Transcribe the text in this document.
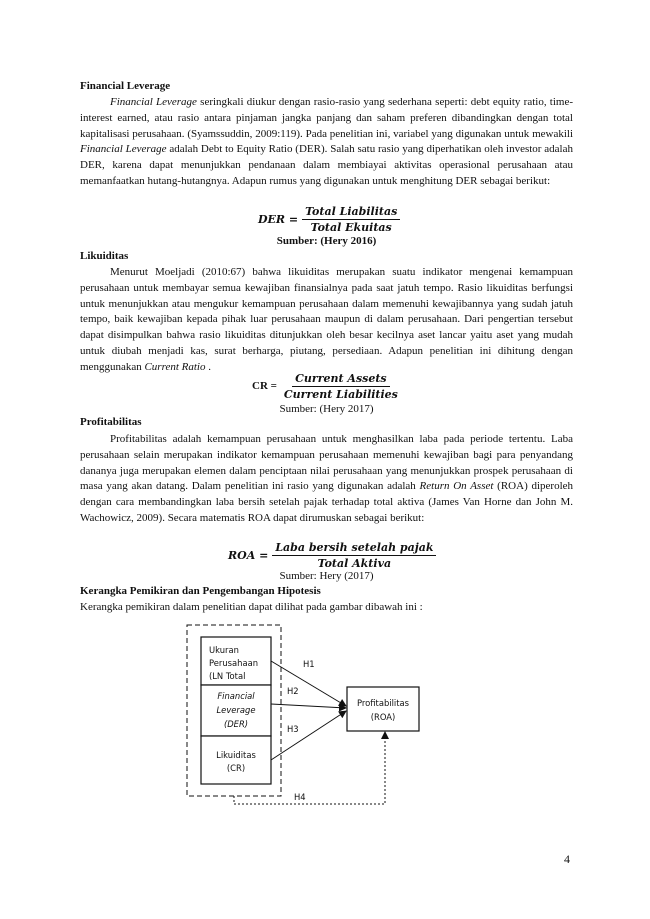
Financial Leverage
Financial Leverage seringkali diukur dengan rasio-rasio yang sederhana seperti: debt equity ratio, time-interest earned, atau rasio antara pinjaman jangka panjang dan saham preferen dibandingkan dengan total kapitalisasi perusahaan. (Syamssuddin, 2009:119). Pada penelitian ini, variabel yang digunakan untuk mewakili Financial Leverage adalah Debt to Equity Ratio (DER). Salah satu rasio yang diperhatikan oleh investor adalah DER, karena dapat menunjukkan pendanaan dalam membiayai aktivitas operasional perusahaan atau memanfaatkan hutang-hutangnya. Adapun rumus yang digunakan untuk menghitung DER sebagai berikut:
DER = $\frac{\text{Total Liabilitas}}{\text{Total Ekuitas}}$
Sumber: (Hery 2016)
Likuiditas
Menurut Moeljadi (2010:67) bahwa likuiditas merupakan suatu indikator mengenai kemampuan perusahaan untuk membayar semua kewajiban finansialnya pada saat jatuh tempo. Rasio likuiditas berfungsi untuk menunjukkan atau mengukur kemampuan perusahaan dalam memenuhi kewajibannya yang sudah jatuh tempo, baik kewajiban kepada pihak luar perusahaan maupun di dalam perusahaan. Dari pengertian tersebut dapat disimpulkan bahwa rasio likuiditas ditunjukkan oleh besar kecilnya aset lancar yaitu aset yang mudah untuk diubah menjadi kas, surat berharga, piutang, persediaan. Adapun penelitian ini dihitung dengan menggunakan Current Ratio .
CR = $\frac{\text{Current Assets}}{\text{Current Liabilities}}$
Sumber: (Hery 2017)
Profitabilitas
Profitabilitas adalah kemampuan perusahaan untuk menghasilkan laba pada periode tertentu. Laba perusahaan selain merupakan indikator kemampuan perusahaan memenuhi kewajiban bagi para penyandang dananya juga merupakan elemen dalam penciptaan nilai perusahaan yang menunjukkan prospek perusahaan di masa yang akan datang. Dalam penelitian ini rasio yang digunakan adalah Return On Asset (ROA) diperoleh dengan cara membandingkan laba bersih setelah pajak terhadap total aktiva (James Van Horne dan John M. Wachowicz, 2009). Secara matematis ROA dapat dirumuskan sebagai berikut:
ROA = $\frac{\text{Laba bersih setelah pajak}}{\text{Total Aktiva}}$
Sumber: Hery (2017)
Kerangka Pemikiran dan Pengembangan Hipotesis
Kerangka pemikiran dalam penelitian dapat dilihat pada gambar dibawah ini :
Ukuran
Perusahaan
(LN Total
Financial
Leverage
(DER)
Likuiditas
(CR)
Profitabilitas
(ROA)
H1
H2
H3
H4
4
